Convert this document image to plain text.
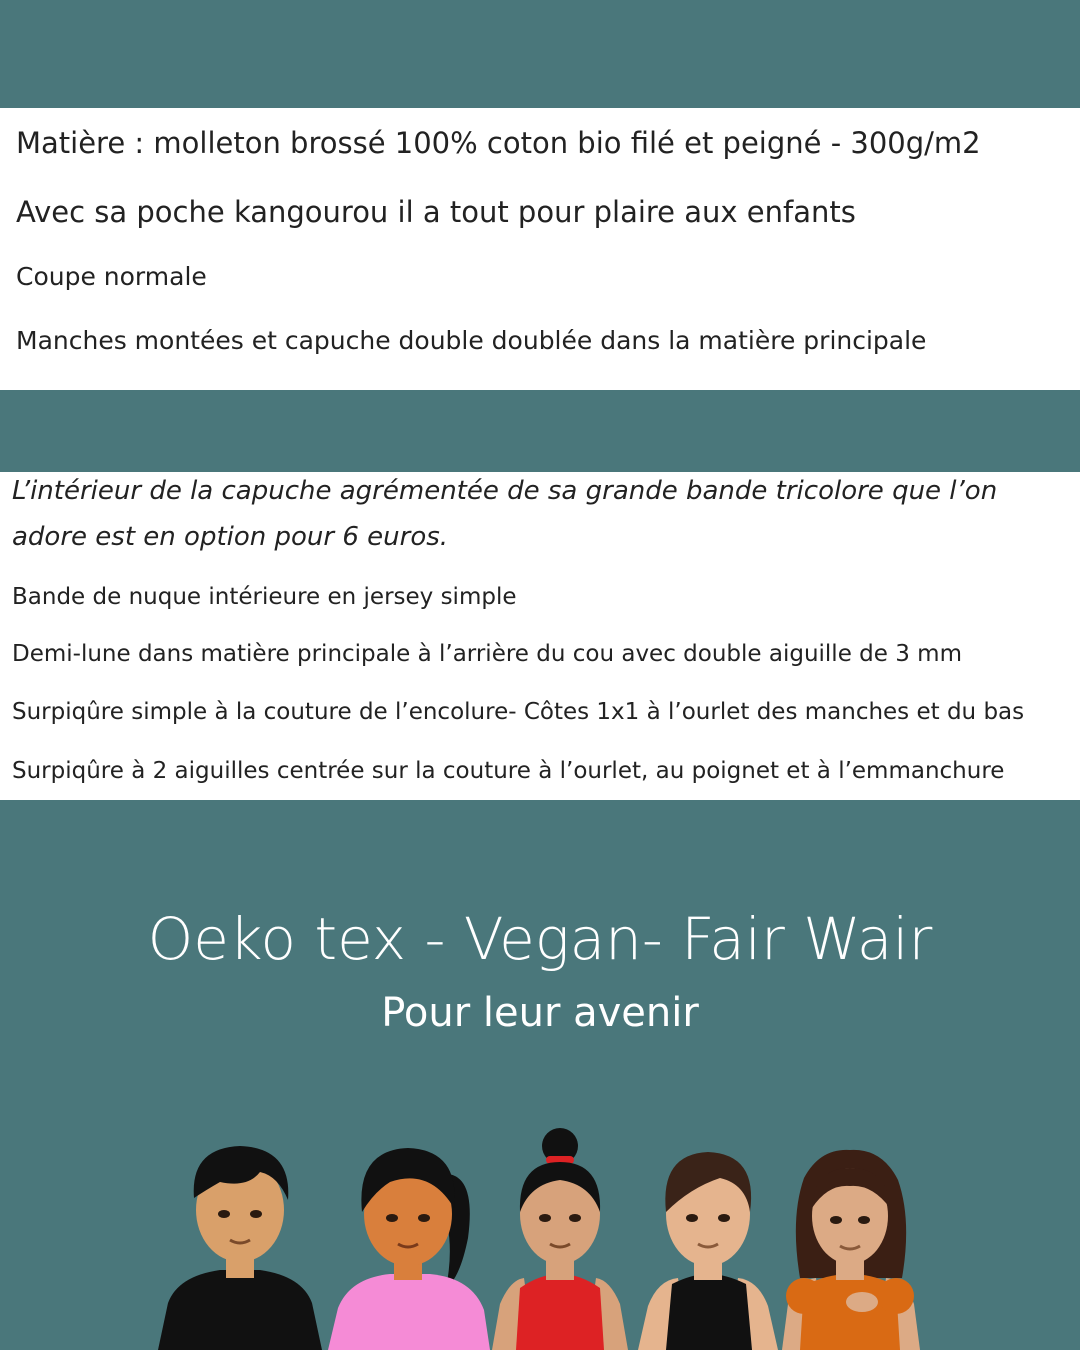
Matière : molleton brossé 100% coton bio filé et peigné - 300g/m2
Avec sa poche kangourou il a tout pour plaire aux enfants
Coupe normale
Manches montées et capuche double doublée dans la matière principale
L’intérieur de la capuche agrémentée de sa grande bande tricolore que l’on
adore est en option pour 6 euros.
Bande de nuque intérieure en jersey simple
Demi-lune dans matière principale à l’arrière du cou avec double aiguille de 3 mm
Surpiqûre simple à la couture de l’encolure- Côtes 1x1 à l’ourlet des manches et du bas
Surpiqûre à 2 aiguilles centrée sur la couture à l’ourlet, au poignet et à l’emmanchure
Oeko tex - Vegan- Fair Wair
Pour leur avenir
